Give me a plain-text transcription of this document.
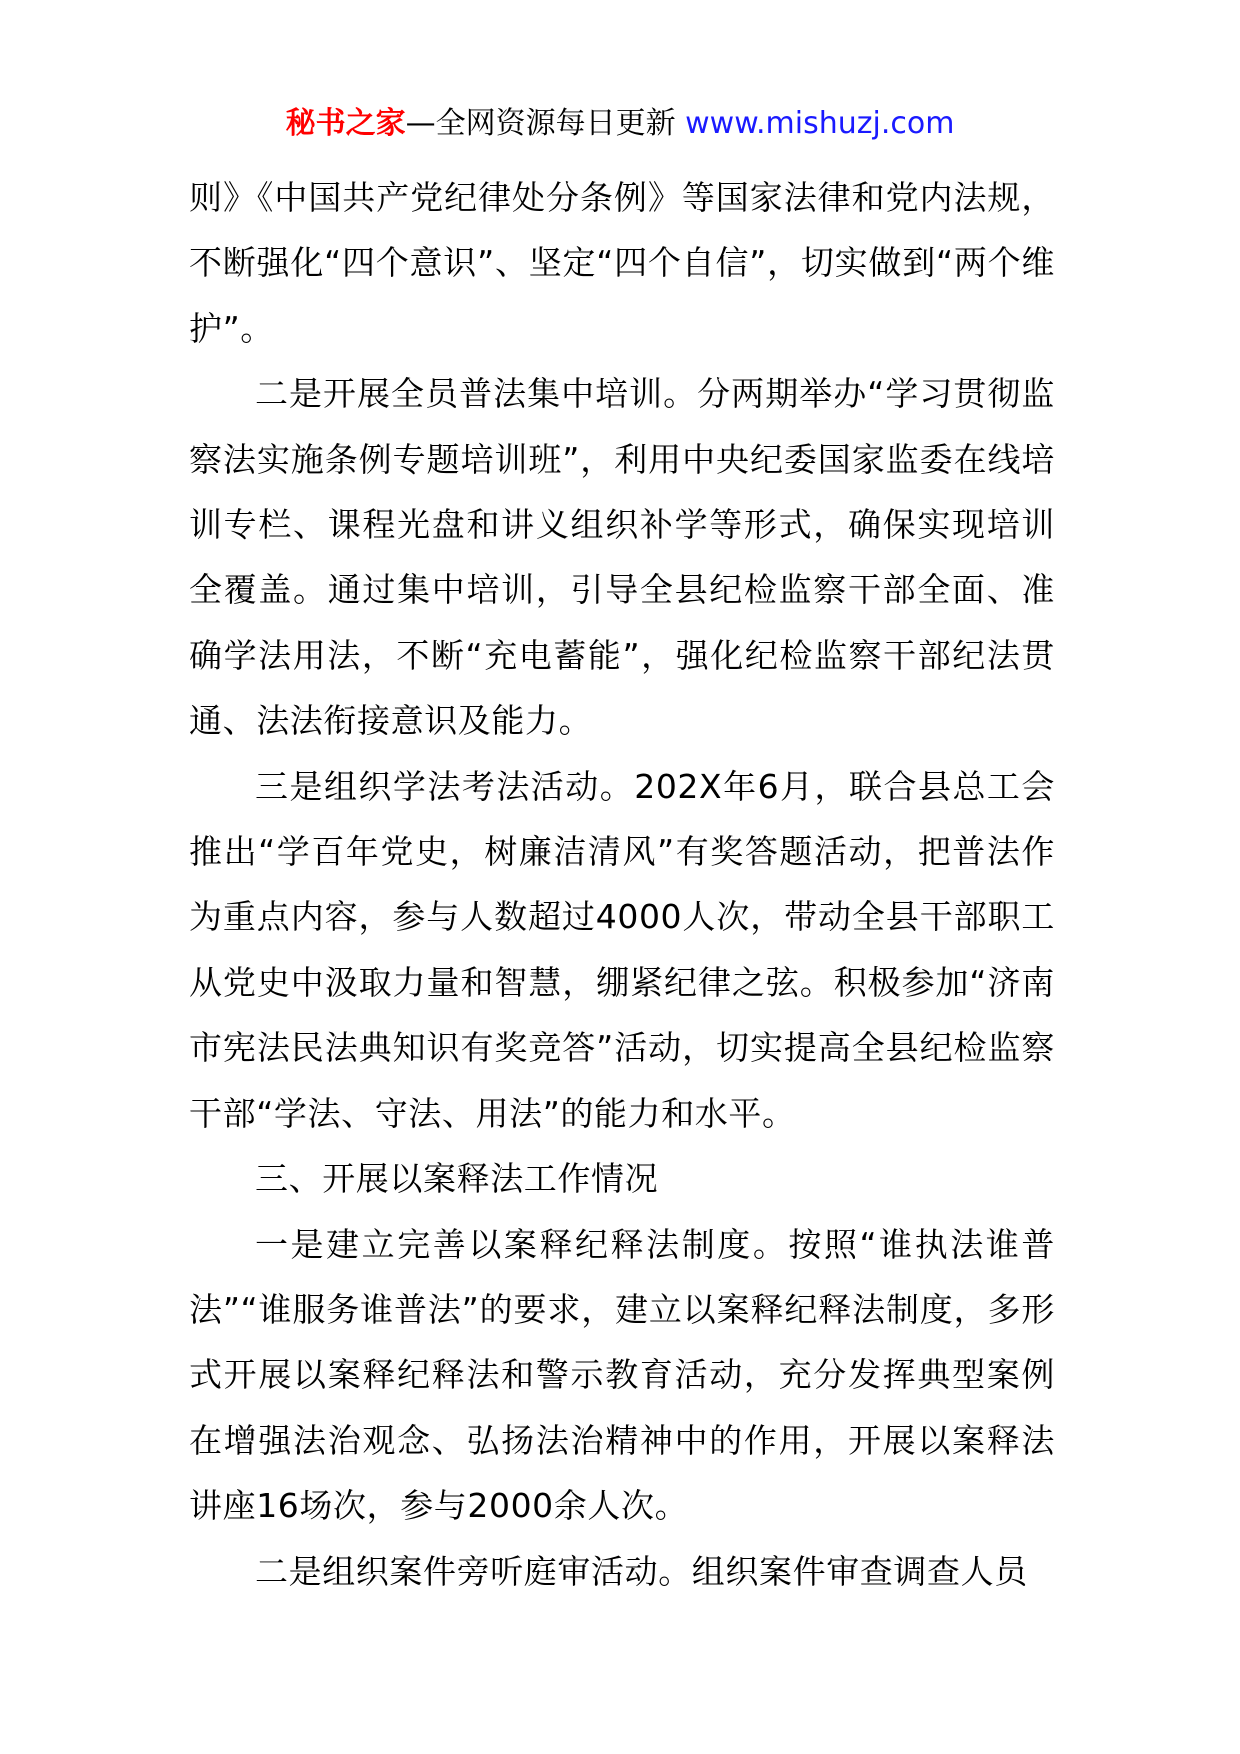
秘书之家—全网资源每日更新 www.mishuzj.com

则》《中国共产党纪律处分条例》等国家法律和党内法规，不断强化“四个意识”、坚定“四个自信”，切实做到“两个维护”。

二是开展全员普法集中培训。分两期举办“学习贯彻监察法实施条例专题培训班”，利用中央纪委国家监委在线培训专栏、课程光盘和讲义组织补学等形式，确保实现培训全覆盖。通过集中培训，引导全县纪检监察干部全面、准确学法用法，不断“充电蓄能”，强化纪检监察干部纪法贯通、法法衔接意识及能力。

三是组织学法考法活动。202X年6月，联合县总工会推出“学百年党史，树廉洁清风”有奖答题活动，把普法作为重点内容，参与人数超过4000人次，带动全县干部职工从党史中汲取力量和智慧，绷紧纪律之弦。积极参加“济南市宪法民法典知识有奖竞答”活动，切实提高全县纪检监察干部“学法、守法、用法”的能力和水平。

三、开展以案释法工作情况

一是建立完善以案释纪释法制度。按照“谁执法谁普法”“谁服务谁普法”的要求，建立以案释纪释法制度，多形式开展以案释纪释法和警示教育活动，充分发挥典型案例在增强法治观念、弘扬法治精神中的作用，开展以案释法讲座16场次，参与2000余人次。

二是组织案件旁听庭审活动。组织案件审查调查人员
